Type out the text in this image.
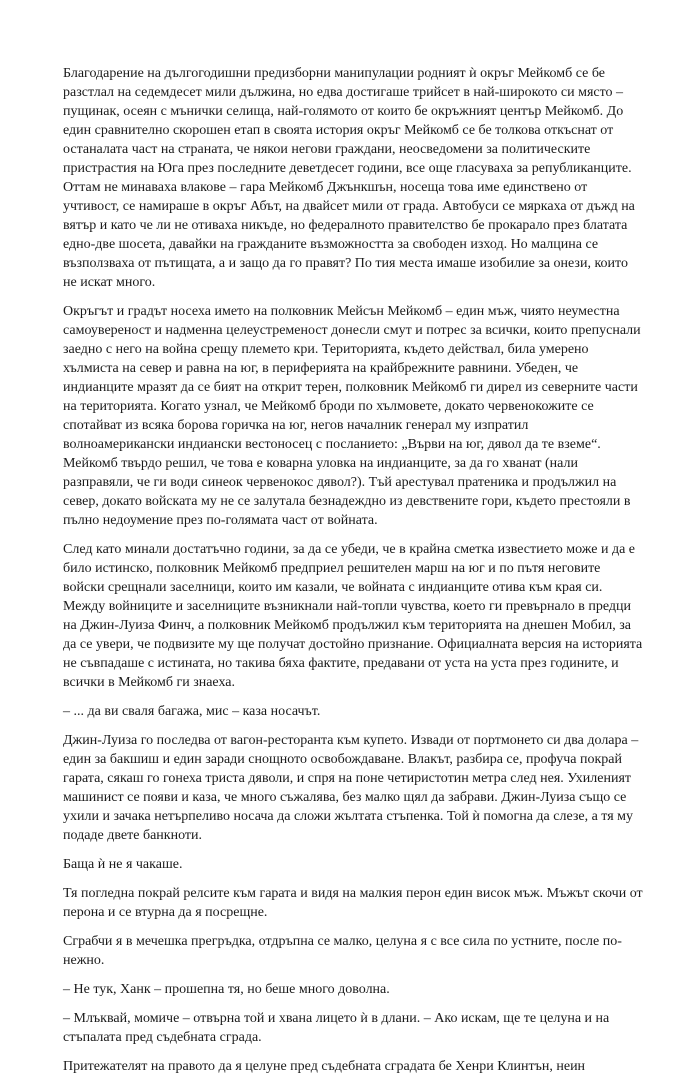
Благодарение на дългогодишни предизборни манипулации родният ѝ окръг Мейкомб се бе разстлал на седемдесет мили дължина, но едва достигаше трийсет в най-широкото си място – пущинак, осеян с мънички селища, най-голямото от които бе окръжният център Мейкомб. До един сравнително скорошен етап в своята история окръг Мейкомб се бе толкова откъснат от останалата част на страната, че някои негови граждани, неосведомени за политическите пристрастия на Юга през последните деветдесет години, все още гласуваха за републиканците. Оттам не минаваха влакове – гара Мейкомб Джънкшън, носеща това име единствено от учтивост, се намираше в окръг Абът, на двайсет мили от града. Автобуси се мяркаха от дъжд на вятър и като че ли не отиваха никъде, но федералното правителство бе прокарало през блатата едно-две шосета, давайки на гражданите възможността за свободен изход. Но малцина се възползваха от пътищата, а и защо да го правят? По тия места имаше изобилие за онези, които не искат много.

Окръгът и градът носеха името на полковник Мейсън Мейкомб – един мъж, чиято неуместна самоувереност и надменна целеустременост донесли смут и потрес за всички, които препуснали заедно с него на война срещу племето кри. Територията, където действал, била умерено хълмиста на север и равна на юг, в периферията на крайбрежните равнини. Убеден, че индианците мразят да се бият на открит терен, полковник Мейкомб ги дирел из северните части на територията. Когато узнал, че Мейкомб броди по хълмовете, докато червенокожите се спотайват из всяка борова горичка на юг, негов началник генерал му изпратил волноамерикански индиански вестоносец с посланието: „Върви на юг, дявол да те вземе“. Мейкомб твърдо решил, че това е коварна уловка на индианците, за да го хванат (нали разправяли, че ги води синеок червенокос дявол?). Тъй арестувал пратеника и продължил на север, докато войската му не се залутала безнадеждно из девствените гори, където престояли в пълно недоумение през по-голямата част от войната.

След като минали достатъчно години, за да се убеди, че в крайна сметка известието може и да е било истинско, полковник Мейкомб предприел решителен марш на юг и по пътя неговите войски срещнали заселници, които им казали, че войната с индианците отива към края си. Между войниците и заселниците възникнали най-топли чувства, което ги превърнало в предци на Джин-Луиза Финч, а полковник Мейкомб продължил към територията на днешен Мобил, за да се увери, че подвизите му ще получат достойно признание. Официалната версия на историята не съвпадаше с истината, но такива бяха фактите, предавани от уста на уста през годините, и всички в Мейкомб ги знаеха.

– ... да ви сваля багажа, мис – каза носачът.

Джин-Луиза го последва от вагон-ресторанта към купето. Извади от портмонето си два долара – един за бакшиш и един заради снощното освобождаване. Влакът, разбира се, профуча покрай гарата, сякаш го гонеха триста дяволи, и спря на поне четиристотин метра след нея. Ухиленият машинист се появи и каза, че много съжалява, без малко щял да забрави. Джин-Луиза също се ухили и зачака нетърпеливо носача да сложи жълтата стъпенка. Той ѝ помогна да слезе, а тя му подаде двете банкноти.

Баща ѝ не я чакаше.

Тя погледна покрай релсите към гарата и видя на малкия перон един висок мъж. Мъжът скочи от перона и се втурна да я посрещне.

Сграбчи я в мечешка прегръдка, отдръпна се малко, целуна я с все сила по устните, после по-нежно.

– Не тук, Ханк – прошепна тя, но беше много доволна.

– Млъквай, момиче – отвърна той и хвана лицето ѝ в длани. – Ако искам, ще те целуна и на стъпалата пред съдебната сграда.

Притежателят на правото да я целуне пред съдебната сградата бе Хенри Клинтън, неин
